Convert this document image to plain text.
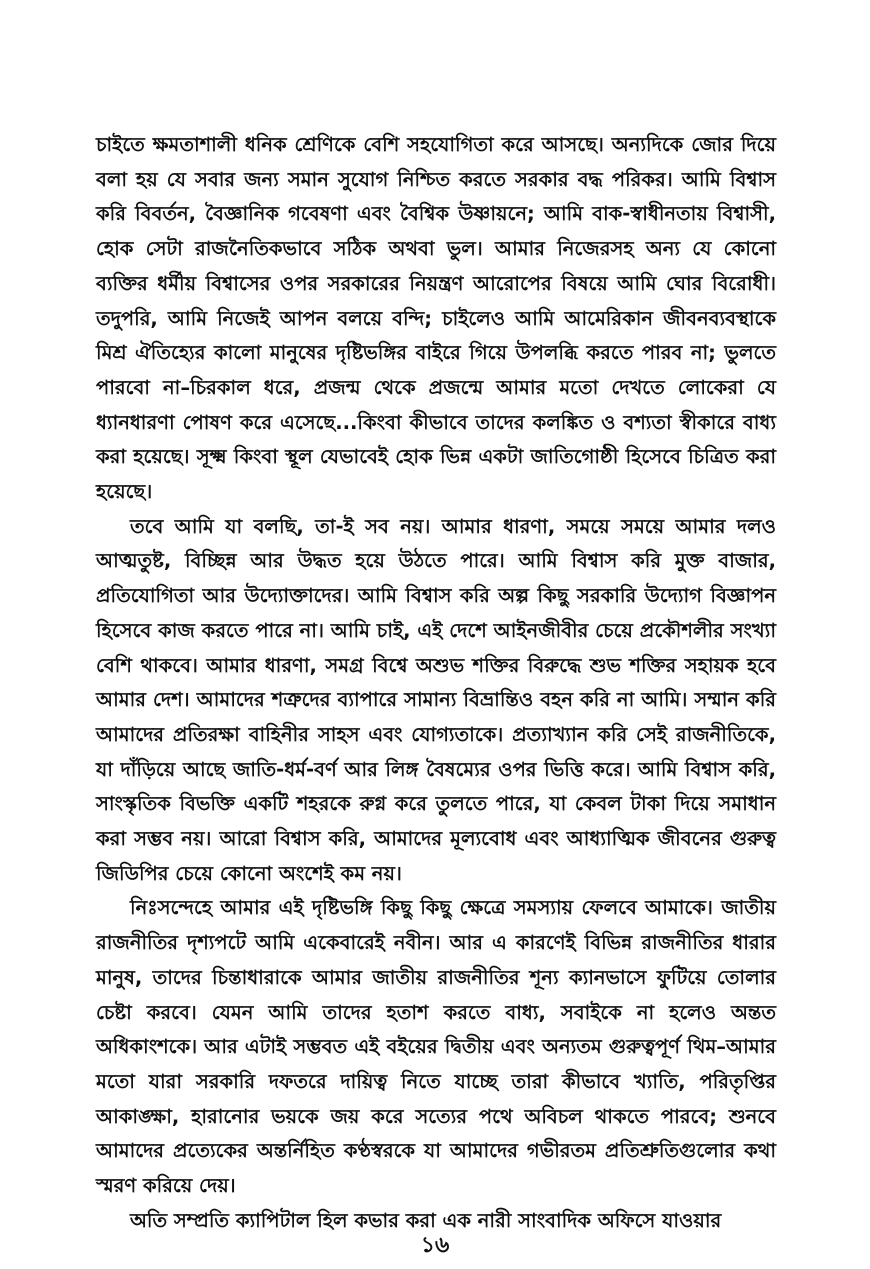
চাইতে ক্ষমতাশালী ধনিক শ্রেণিকে বেশি সহযোগিতা করে আসছে। অন্যদিকে জোর দিয়ে বলা হয় যে সবার জন্য সমান সুযোগ নিশ্চিত করতে সরকার বদ্ধ পরিকর। আমি বিশ্বাস করি বিবর্তন, বৈজ্ঞানিক গবেষণা এবং বৈশ্বিক উষ্ণায়নে; আমি বাক-স্বাধীনতায় বিশ্বাসী, হোক সেটা রাজনৈতিকভাবে সঠিক অথবা ভুল। আমার নিজেরসহ অন্য যে কোনো ব্যক্তির ধর্মীয় বিশ্বাসের ওপর সরকারের নিয়ন্ত্রণ আরোপের বিষয়ে আমি ঘোর বিরোধী। তদুপরি, আমি নিজেই আপন বলয়ে বন্দি; চাইলেও আমি আমেরিকান জীবনব্যবস্থাকে মিশ্র ঐতিহ্যের কালো মানুষের দৃষ্টিভঙ্গির বাইরে গিয়ে উপলব্ধি করতে পারব না; ভুলতে পারবো না–চিরকাল ধরে, প্রজন্ম থেকে প্রজন্মে আমার মতো দেখতে লোকেরা যে ধ্যানধারণা পোষণ করে এসেছে...কিংবা কীভাবে তাদের কলঙ্কিত ও বশ্যতা স্বীকারে বাধ্য করা হয়েছে। সূক্ষ্ম কিংবা স্থূল যেভাবেই হোক ভিন্ন একটা জাতিগোষ্ঠী হিসেবে চিত্রিত করা হয়েছে।

তবে আমি যা বলছি, তা-ই সব নয়। আমার ধারণা, সময়ে সময়ে আমার দলও আত্মতুষ্ট, বিচ্ছিন্ন আর উদ্ধত হয়ে উঠতে পারে। আমি বিশ্বাস করি মুক্ত বাজার, প্রতিযোগিতা আর উদ্যোক্তাদের। আমি বিশ্বাস করি অল্প কিছু সরকারি উদ্যোগ বিজ্ঞাপন হিসেবে কাজ করতে পারে না। আমি চাই, এই দেশে আইনজীবীর চেয়ে প্রকৌশলীর সংখ্যা বেশি থাকবে। আমার ধারণা, সমগ্র বিশ্বে অশুভ শক্তির বিরুদ্ধে শুভ শক্তির সহায়ক হবে আমার দেশ। আমাদের শত্রুদের ব্যাপারে সামান্য বিভ্রান্তিও বহন করি না আমি। সম্মান করি আমাদের প্রতিরক্ষা বাহিনীর সাহস এবং যোগ্যতাকে। প্রত্যাখ্যান করি সেই রাজনীতিকে, যা দাঁড়িয়ে আছে জাতি-ধর্ম-বর্ণ আর লিঙ্গ বৈষম্যের ওপর ভিত্তি করে। আমি বিশ্বাস করি, সাংস্কৃতিক বিভক্তি একটি শহরকে রুগ্ন করে তুলতে পারে, যা কেবল টাকা দিয়ে সমাধান করা সম্ভব নয়। আরো বিশ্বাস করি, আমাদের মূল্যবোধ এবং আধ্যাত্মিক জীবনের গুরুত্ব জিডিপির চেয়ে কোনো অংশেই কম নয়।

নিঃসন্দেহে আমার এই দৃষ্টিভঙ্গি কিছু কিছু ক্ষেত্রে সমস্যায় ফেলবে আমাকে। জাতীয় রাজনীতির দৃশ্যপটে আমি একেবারেই নবীন। আর এ কারণেই বিভিন্ন রাজনীতির ধারার মানুষ, তাদের চিন্তাধারাকে আমার জাতীয় রাজনীতির শূন্য ক্যানভাসে ফুটিয়ে তোলার চেষ্টা করবে। যেমন আমি তাদের হতাশ করতে বাধ্য, সবাইকে না হলেও অন্তত অধিকাংশকে। আর এটাই সম্ভবত এই বইয়ের দ্বিতীয় এবং অন্যতম গুরুত্বপূর্ণ থিম–আমার মতো যারা সরকারি দফতরে দায়িত্ব নিতে যাচ্ছে তারা কীভাবে খ্যাতি, পরিতৃপ্তির আকাঙ্ক্ষা, হারানোর ভয়কে জয় করে সত্যের পথে অবিচল থাকতে পারবে; শুনবে আমাদের প্রত্যেকের অন্তর্নিহিত কণ্ঠস্বরকে যা আমাদের গভীরতম প্রতিশ্রুতিগুলোর কথা স্মরণ করিয়ে দেয়।

অতি সম্প্রতি ক্যাপিটাল হিল কভার করা এক নারী সাংবাদিক অফিসে যাওয়ার

১৬
